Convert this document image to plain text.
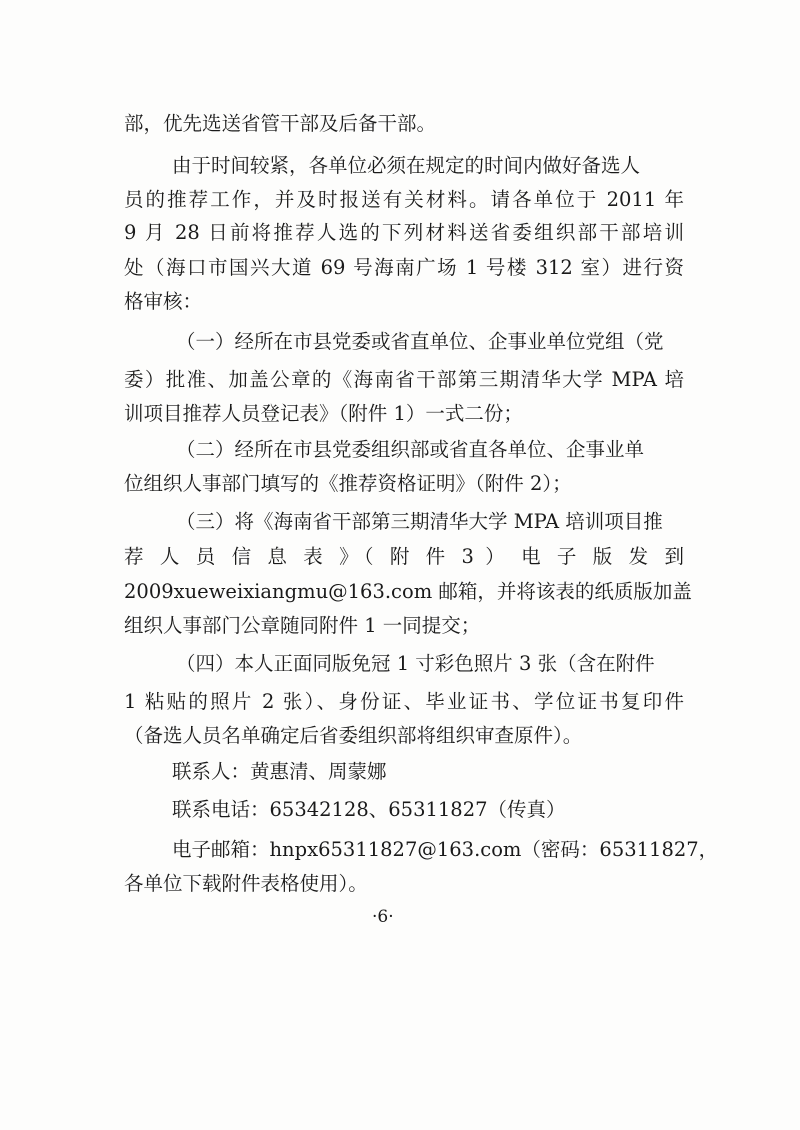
部，优先选送省管干部及后备干部。
由于时间较紧，各单位必须在规定的时间内做好备选人
员的推荐工作，并及时报送有关材料。请各单位于 2011 年
9 月 28 日前将推荐人选的下列材料送省委组织部干部培训
处（海口市国兴大道 69 号海南广场 1 号楼 312 室）进行资
格审核：
（一）经所在市县党委或省直单位、企事业单位党组（党
委）批准、加盖公章的《海南省干部第三期清华大学 MPA 培
训项目推荐人员登记表》（附件 1）一式二份；
（二）经所在市县党委组织部或省直各单位、企事业单
位组织人事部门填写的《推荐资格证明》（附件 2）；
（三）将《海南省干部第三期清华大学 MPA 培训项目推
荐 人 员 信 息 表 》（ 附 件 3 ） 电 子 版 发 到
2009xueweixiangmu@163.com 邮箱，并将该表的纸质版加盖
组织人事部门公章随同附件 1 一同提交；
（四）本人正面同版免冠 1 寸彩色照片 3 张（含在附件
1 粘贴的照片 2 张）、身份证、毕业证书、学位证书复印件
（备选人员名单确定后省委组织部将组织审查原件）。
联系人：黄惠清、周蒙娜
联系电话：65342128、65311827（传真）
电子邮箱：hnpx65311827@163.com（密码：65311827，
各单位下载附件表格使用）。
·6·
